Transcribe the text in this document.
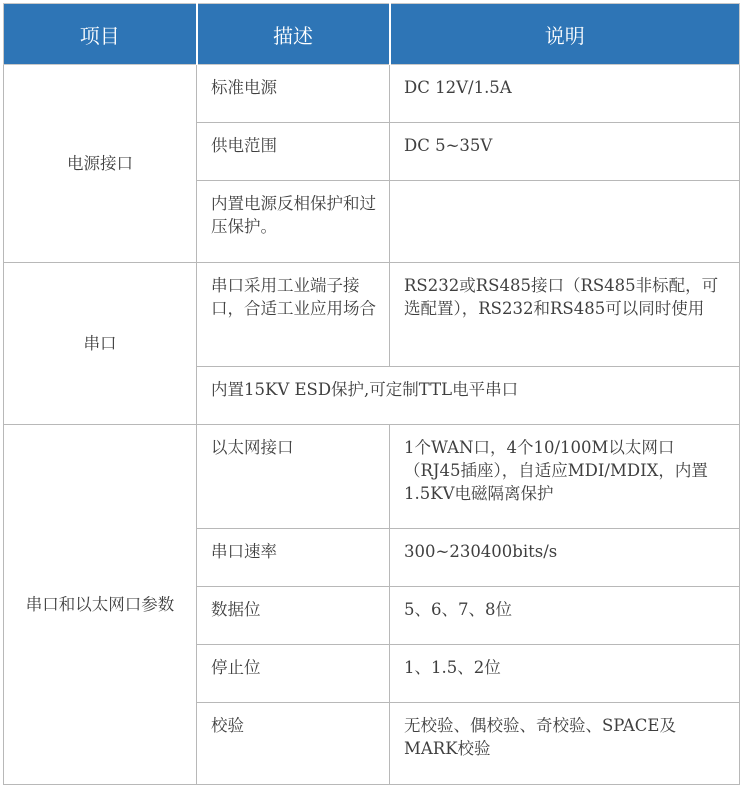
项目	描述	说明
电源接口	标准电源	DC 12V/1.5A
	供电范围	DC 5~35V
	内置电源反相保护和过压保护。	
串口	串口采用工业端子接口，合适工业应用场合	RS232或RS485接口（RS485非标配，可选配置），RS232和RS485可以同时使用
	内置15KV ESD保护,可定制TTL电平串口	
串口和以太网口参数	以太网接口	1个WAN口，4个10/100M以太网口（RJ45插座），自适应MDI/MDIX，内置1.5KV电磁隔离保护
	串口速率	300~230400bits/s
	数据位	5、6、7、8位
	停止位	1、1.5、2位
	校验	无校验、偶校验、奇校验、SPACE及MARK校验
